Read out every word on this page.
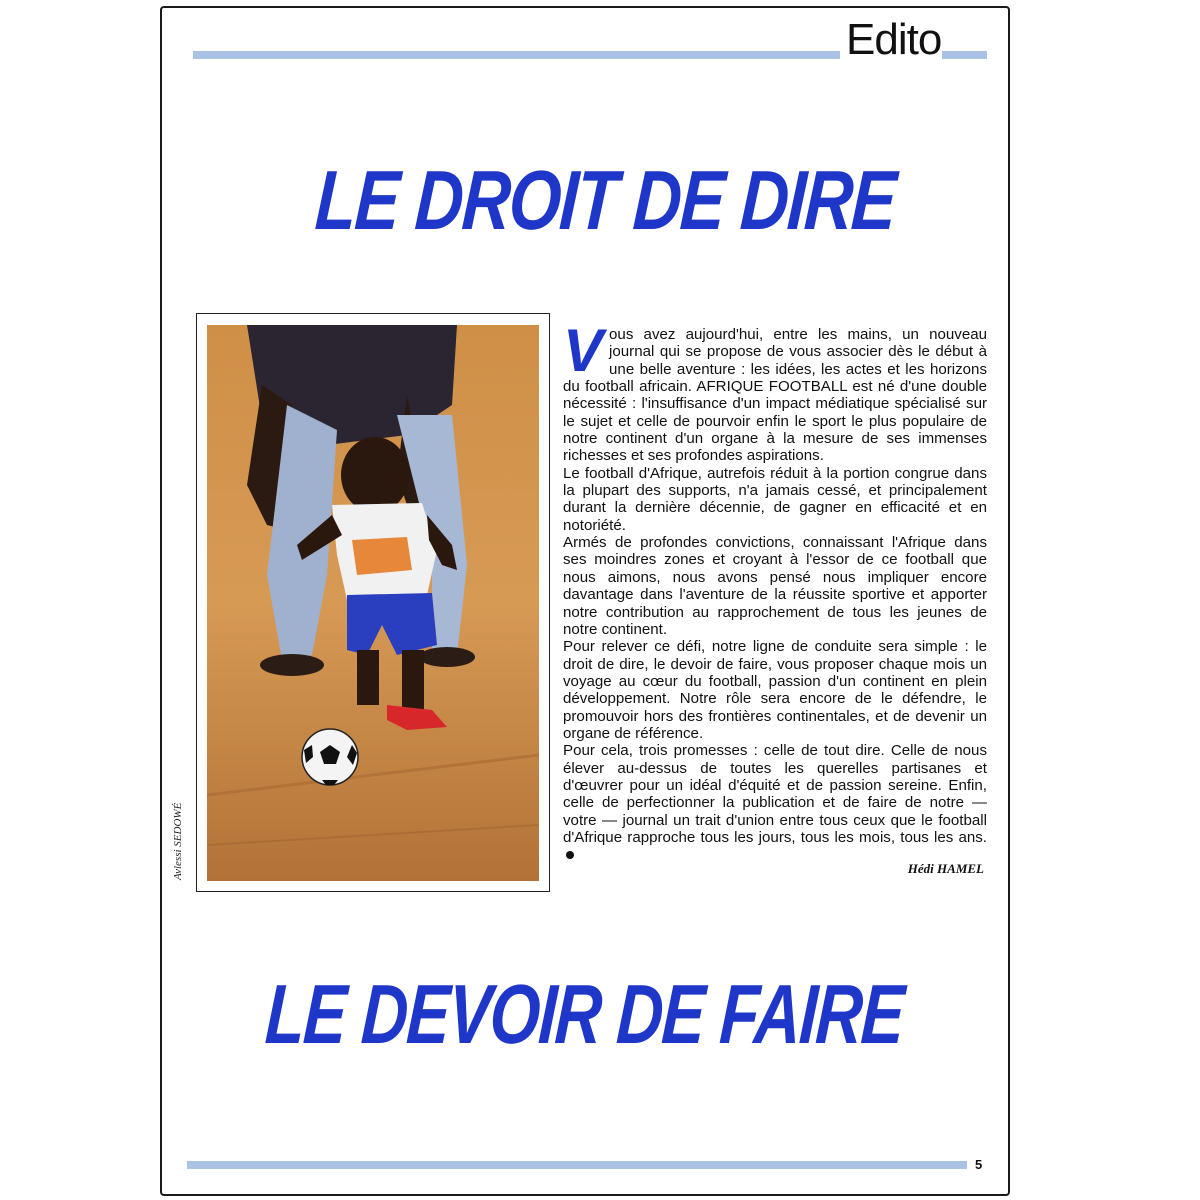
Edito
LE DROIT DE DIRE
Avlessi SEDOWÉ

Vous avez aujourd'hui, entre les mains, un nouveau journal qui se propose de vous associer dès le début à une belle aventure : les idées, les actes et les horizons du football africain. AFRIQUE FOOTBALL est né d'une double nécessité : l'insuffisance d'un impact médiatique spécialisé sur le sujet et celle de pourvoir enfin le sport le plus populaire de notre continent d'un organe à la mesure de ses immenses richesses et ses profondes aspirations.

Le football d'Afrique, autrefois réduit à la portion congrue dans la plupart des supports, n'a jamais cessé, et principalement durant la dernière décennie, de gagner en efficacité et en notoriété.

Armés de profondes convictions, connaissant l'Afrique dans ses moindres zones et croyant à l'essor de ce football que nous aimons, nous avons pensé nous impliquer encore davantage dans l'aventure de la réussite sportive et apporter notre contribution au rapprochement de tous les jeunes de notre continent.

Pour relever ce défi, notre ligne de conduite sera simple : le droit de dire, le devoir de faire, vous proposer chaque mois un voyage au cœur du football, passion d'un continent en plein développement. Notre rôle sera encore de le défendre, le promouvoir hors des frontières continentales, et de devenir un organe de référence.

Pour cela, trois promesses : celle de tout dire. Celle de nous élever au-dessus de toutes les querelles partisanes et d'œuvrer pour un idéal d'équité et de passion sereine. Enfin, celle de perfectionner la publication et de faire de notre — votre — journal un trait d'union entre tous ceux que le football d'Afrique rapproche tous les jours, tous les mois, tous les ans.

Hédi HAMEL
LE DEVOIR DE FAIRE
5
